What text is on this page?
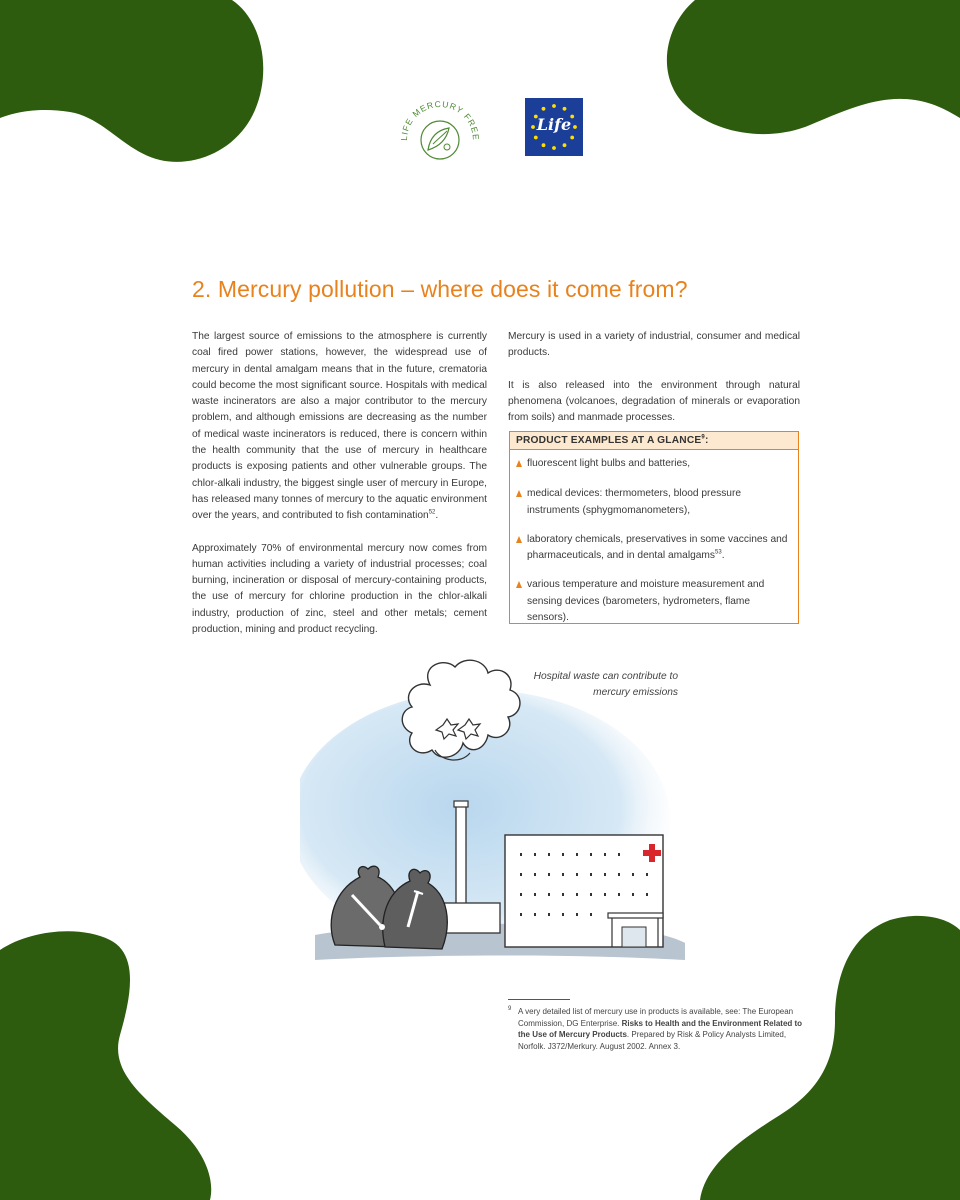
LIFE MERCURY FREE
Life
2. Mercury pollution – where does it come from?

The largest source of emissions to the atmosphere is currently coal fired power stations, however, the widespread use of mercury in dental amalgam means that in the future, crematoria could become the most significant source. Hospitals with medical waste incinerators are also a major contributor to the mercury problem, and although emissions are decreasing as the number of medical waste incinerators is reduced, there is concern within the health community that the use of mercury in healthcare products is exposing patients and other vulnerable groups. The chlor-alkali industry, the biggest single user of mercury in Europe, has released many tonnes of mercury to the aquatic environment over the years, and contributed to fish contamination$^{52}$.

Approximately 70% of environmental mercury now comes from human activities including a variety of industrial processes; coal burning, incineration or disposal of mercury-containing products, the use of mercury for chlorine production in the chlor-alkali industry, production of zinc, steel and other metals; cement production, mining and product recycling.

Mercury is used in a variety of industrial, consumer and medical products.

It is also released into the environment through natural phenomena (volcanoes, degradation of minerals or evaporation from soils) and manmade processes.

PRODUCT EXAMPLES AT A GLANCE$^9$:
fluorescent light bulbs and batteries,
medical devices: thermometers, blood pressure instruments (sphygmomanometers),
laboratory chemicals, preservatives in some vaccines and pharmaceuticals, and in dental amalgams$^{53}$.
various temperature and moisture measurement and sensing devices (barometers, hydrometers, flame sensors).
Hospital waste can contribute to mercury emissions
9 A very detailed list of mercury use in products is available, see: The European Commission, DG Enterprise. Risks to Health and the Environment Related to the Use of Mercury Products. Prepared by Risk & Policy Analysts Limited, Norfolk. J372/Merkury. August 2002. Annex 3.
